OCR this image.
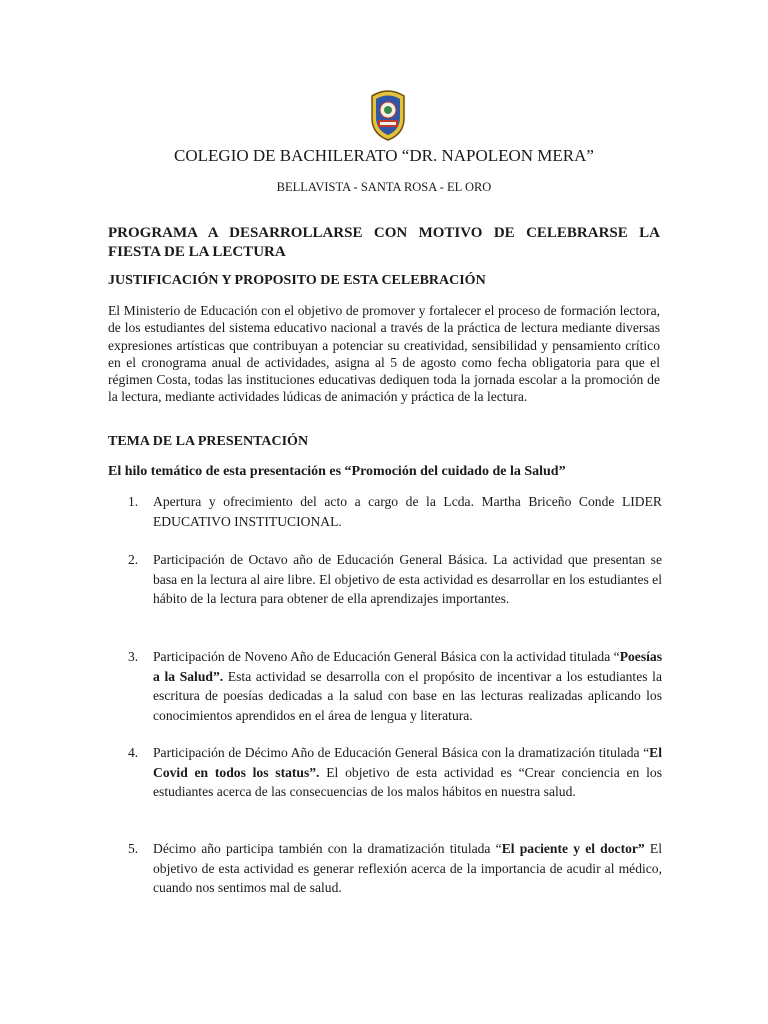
COLEGIO DE BACHILERATO “DR. NAPOLEON MERA”
BELLAVISTA - SANTA ROSA - EL ORO
PROGRAMA A DESARROLLARSE CON MOTIVO DE CELEBRARSE LA FIESTA DE LA LECTURA
JUSTIFICACIÓN Y PROPOSITO DE ESTA CELEBRACIÓN
El Ministerio de Educación con el objetivo de promover y fortalecer el proceso de formación lectora, de los estudiantes del sistema educativo nacional a través de la práctica de lectura mediante diversas expresiones artísticas que contribuyan a potenciar su creatividad, sensibilidad y pensamiento crítico en el cronograma anual de actividades, asigna al 5 de agosto como fecha obligatoria para que el régimen Costa, todas las instituciones educativas dediquen toda la jornada escolar a la promoción de la lectura, mediante actividades lúdicas de animación y práctica de la lectura.
TEMA DE LA PRESENTACIÓN
El hilo temático de esta presentación es “Promoción del cuidado de la Salud”
1. Apertura y ofrecimiento del acto a cargo de la Lcda. Martha Briceño Conde LIDER EDUCATIVO INSTITUCIONAL.
2. Participación de Octavo año de Educación General Básica. La actividad que presentan se basa en la lectura al aire libre. El objetivo de esta actividad es desarrollar en los estudiantes el hábito de la lectura para obtener de ella aprendizajes importantes.
3. Participación de Noveno Año de Educación General Básica con la actividad titulada “Poesías a la Salud”. Esta actividad se desarrolla con el propósito de incentivar a los estudiantes la escritura de poesías dedicadas a la salud con base en las lecturas realizadas aplicando los conocimientos aprendidos en el área de lengua y literatura.
4. Participación de Décimo Año de Educación General Básica con la dramatización titulada “El Covid en todos los status”. El objetivo de esta actividad es “Crear conciencia en los estudiantes acerca de las consecuencias de los malos hábitos en nuestra salud.
5. Décimo año participa también con la dramatización titulada “El paciente y el doctor” El objetivo de esta actividad es generar reflexión acerca de la importancia de acudir al médico, cuando nos sentimos mal de salud.
